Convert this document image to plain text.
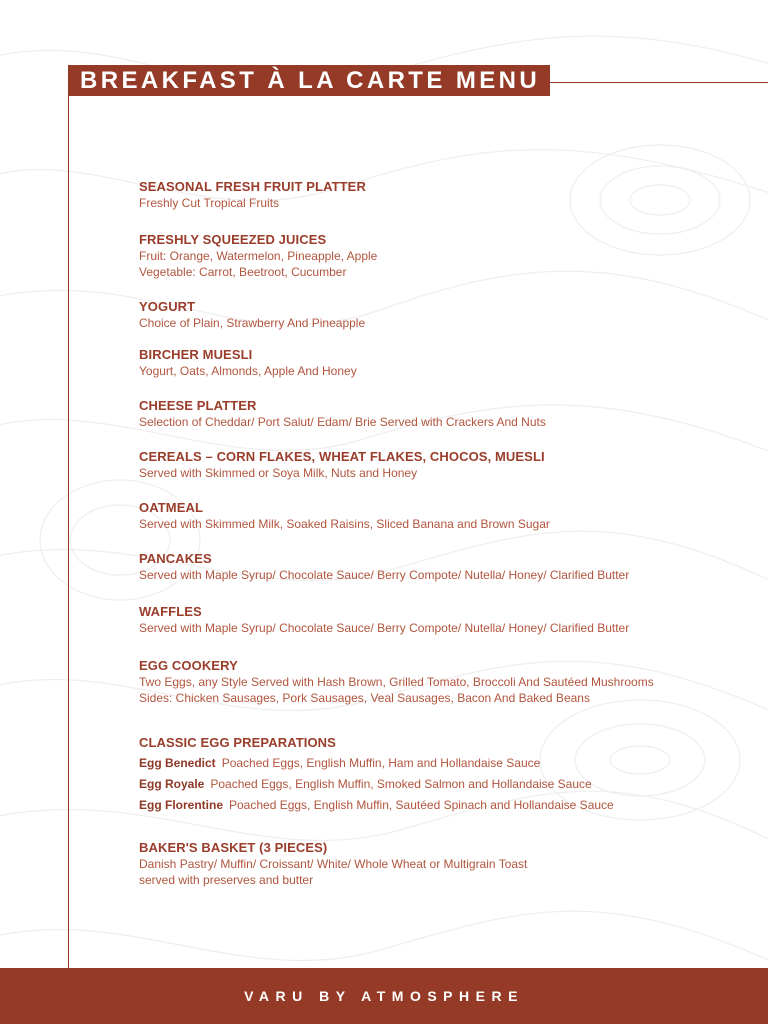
BREAKFAST À LA CARTE MENU
SEASONAL FRESH FRUIT PLATTER
Freshly Cut Tropical Fruits
FRESHLY SQUEEZED JUICES
Fruit: Orange, Watermelon, Pineapple, Apple
Vegetable: Carrot, Beetroot, Cucumber
YOGURT
Choice of Plain, Strawberry And Pineapple
BIRCHER MUESLI
Yogurt, Oats, Almonds, Apple And Honey
CHEESE PLATTER
Selection of Cheddar/ Port Salut/ Edam/ Brie Served with Crackers And Nuts
CEREALS – CORN FLAKES, WHEAT FLAKES, CHOCOS, MUESLI
Served with Skimmed or Soya Milk, Nuts and Honey
OATMEAL
Served with Skimmed Milk, Soaked Raisins, Sliced Banana and Brown Sugar
PANCAKES
Served with Maple Syrup/ Chocolate Sauce/ Berry Compote/ Nutella/ Honey/ Clarified Butter
WAFFLES
Served with Maple Syrup/ Chocolate Sauce/ Berry Compote/ Nutella/ Honey/ Clarified Butter
EGG COOKERY
Two Eggs, any Style Served with Hash Brown, Grilled Tomato, Broccoli And Sautéed Mushrooms
Sides: Chicken Sausages, Pork Sausages, Veal Sausages, Bacon And Baked Beans
CLASSIC EGG PREPARATIONS
Egg Benedict Poached Eggs, English Muffin, Ham and Hollandaise Sauce
Egg Royale Poached Eggs, English Muffin, Smoked Salmon and Hollandaise Sauce
Egg Florentine Poached Eggs, English Muffin, Sautéed Spinach and Hollandaise Sauce
BAKER'S BASKET (3 PIECES)
Danish Pastry/ Muffin/ Croissant/ White/ Whole Wheat or Multigrain Toast
served with preserves and butter
VARU BY ATMOSPHERE
